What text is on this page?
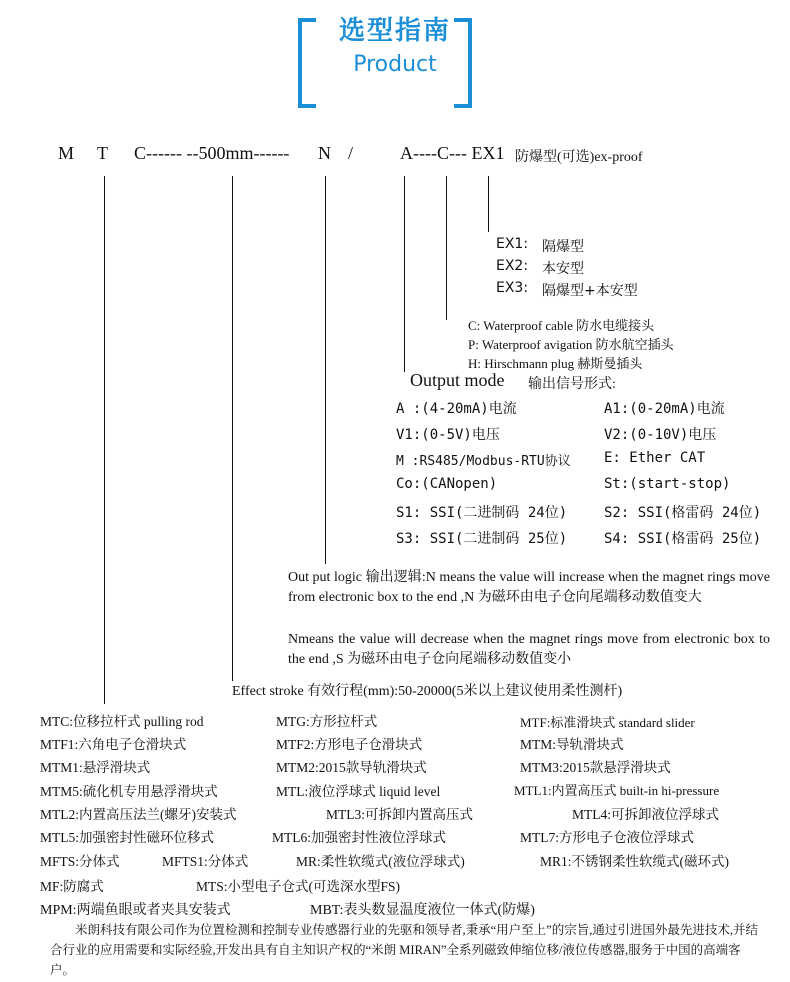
选型指南
Product
M T C------ --500mm------ N /	A----C--- EX1 防爆型(可选)ex-proof
EX1: 隔爆型
EX2: 本安型
EX3: 隔爆型+本安型
C: Waterproof cable 防水电缆接头
P: Waterproof avigation 防水航空插头
H: Hirschmann plug 赫斯曼插头
Output mode 输出信号形式:
A :(4-20mA)电流	A1:(0-20mA)电流
V1:(0-5V)电压	V2:(0-10V)电压
M :RS485/Modbus-RTU协议 E: Ether CAT
Co:(CANopen)	St:(start-stop)
S1: SSI(二进制码 24位)	S2: SSI(格雷码 24位)
S3: SSI(二进制码 25位)	S4: SSI(格雷码 25位)
Out put logic 输出逻辑:N means the value will increase when the magnet rings move from electronic box to the end ,N 为磁环由电子仓向尾端移动数值变大
Nmeans the value will decrease when the magnet rings move from electronic box to the end ,S 为磁环由电子仓向尾端移动数值变小
Effect stroke 有效行程(mm):50-20000(5米以上建议使用柔性测杆)
MTC:位移拉杆式 pulling rod	MTG:方形拉杆式	MTF:标准滑块式 standard slider
MTF1:六角电子仓滑块式	MTF2:方形电子仓滑块式	MTM:导轨滑块式
MTM1:悬浮滑块式	MTM2:2015款导轨滑块式	MTM3:2015款悬浮滑块式
MTM5:硫化机专用悬浮滑块式	MTL:液位浮球式 liquid level	MTL1:内置高压式 built-in hi-pressure
MTL2:内置高压法兰(螺牙)安装式	MTL3:可拆卸内置高压式	MTL4:可拆卸液位浮球式
MTL5:加强密封性磁环位移式	MTL6:加强密封性液位浮球式	MTL7:方形电子仓液位浮球式
MFTS:分体式	MFTS1:分体式	MR:柔性软缆式(液位浮球式)	MR1:不锈钢柔性软缆式(磁环式)
MF:防腐式	MTS:小型电子仓式(可选深水型FS)
MPM:两端鱼眼或者夹具安装式	MBT:表头数显温度液位一体式(防爆)
米朗科技有限公司作为位置检测和控制专业传感器行业的先驱和领导者,秉承“用户至上”的宗旨,通过引进国外最先进技术,并结合行业的应用需要和实际经验,开发出具有自主知识产权的“米朗 MIRAN”全系列磁致伸缩位移/液位传感器,服务于中国的高端客户。
